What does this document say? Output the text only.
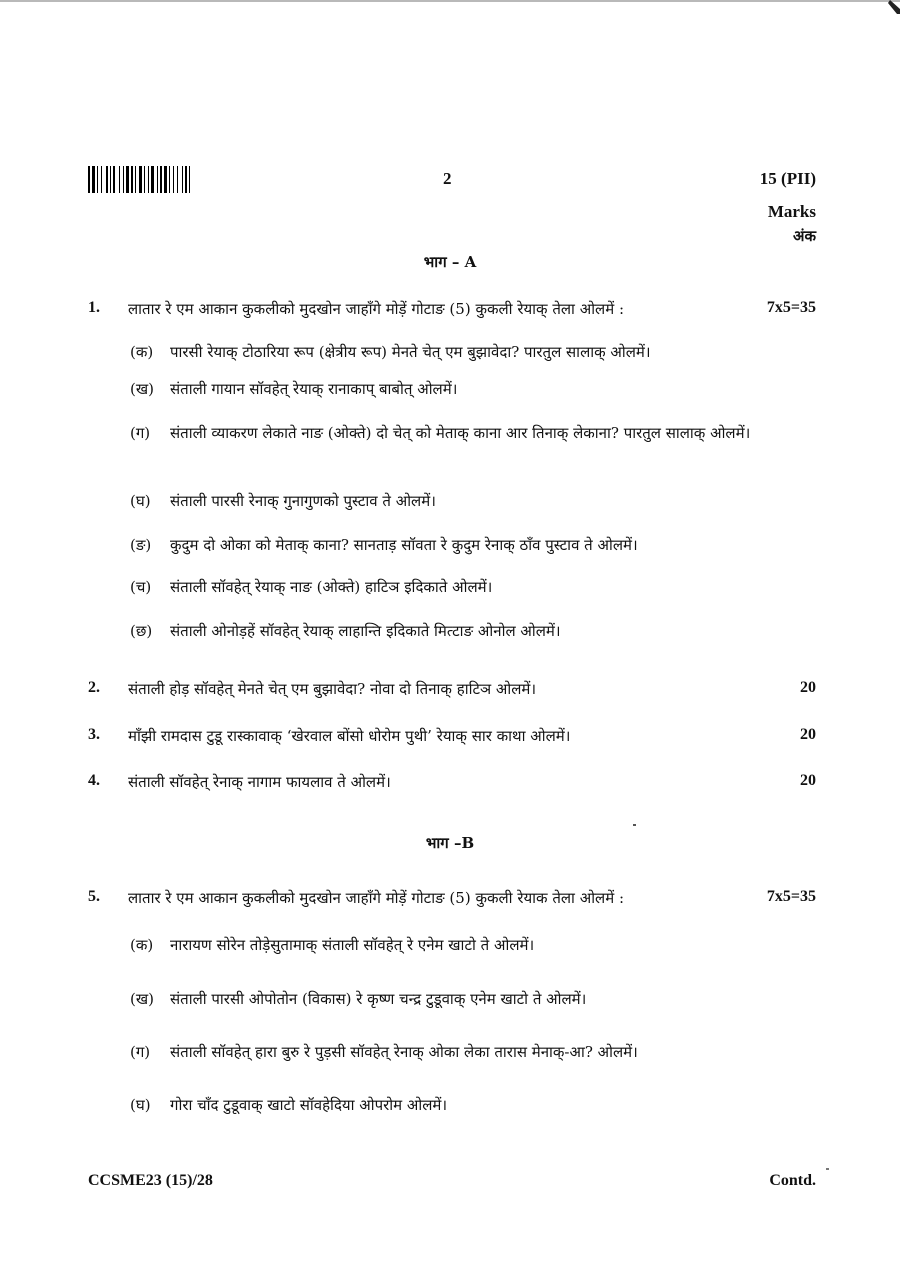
2	15 (PII)
Marks
अंक
भाग – A
1. लातार रे एम आकान कुकलीको मुदखोन जाहाँगे मोड़ें गोटाङ (5) कुकली रेयाक् तेला ओलमें :	7x5=35
(क) पारसी रेयाक् टोठारिया रूप (क्षेत्रीय रूप) मेनते चेत् एम बुझावेदा? पारतुल सालाक् ओलमें।
(ख) संताली गायान सॉवहेत् रेयाक् रानाकाप् बाबोत् ओलमें।
(ग)	संताली व्याकरण लेकाते नाङ (ओक्ते) दो चेत् को मेताक् काना आर तिनाक् लेकाना? पारतुल सालाक् ओलमें।
(घ) संताली पारसी रेनाक् गुनागुणको पुस्टाव ते ओलमें।
(ङ) कुदुम दो ओका को मेताक् काना? सानताड़ सॉवता रे कुदुम रेनाक् ठाँव पुस्टाव ते ओलमें।
(च) संताली सॉवहेत् रेयाक् नाङ (ओक्ते) हाटिञ इदिकाते ओलमें।
(छ) संताली ओनोड़हें सॉवहेत् रेयाक् लाहान्ति इदिकाते मित्टाङ ओनोल ओलमें।
2. संताली होड़ सॉवहेत् मेनते चेत् एम बुझावेदा? नोवा दो तिनाक् हाटिञ ओलमें।	20
3. माँझी रामदास टुडू रास्कावाक् ‘खेरवाल बोंसो धोरोम पुथी’ रेयाक् सार काथा ओलमें।	20
4. संताली सॉवहेत् रेनाक् नागाम फायलाव ते ओलमें।	20
भाग –B
5. लातार रे एम आकान कुकलीको मुदखोन जाहाँगे मोड़ें गोटाङ (5) कुकली रेयाक तेला ओलमें :	7x5=35
(क) नारायण सोरेन तोड़ेसुतामाक् संताली सॉवहेत् रे एनेम खाटो ते ओलमें।
(ख) संताली पारसी ओपोतोन (विकास) रे कृष्ण चन्द्र टुडूवाक् एनेम खाटो ते ओलमें।
(ग) संताली सॉवहेत् हारा बुरु रे पुड़सी सॉवहेत् रेनाक् ओका लेका तारास मेनाक्-आ? ओलमें।
(घ) गोरा चाँद टुडूवाक् खाटो सॉवहेदिया ओपरोम ओलमें।
CCSME23 (15)/28	Contd.
